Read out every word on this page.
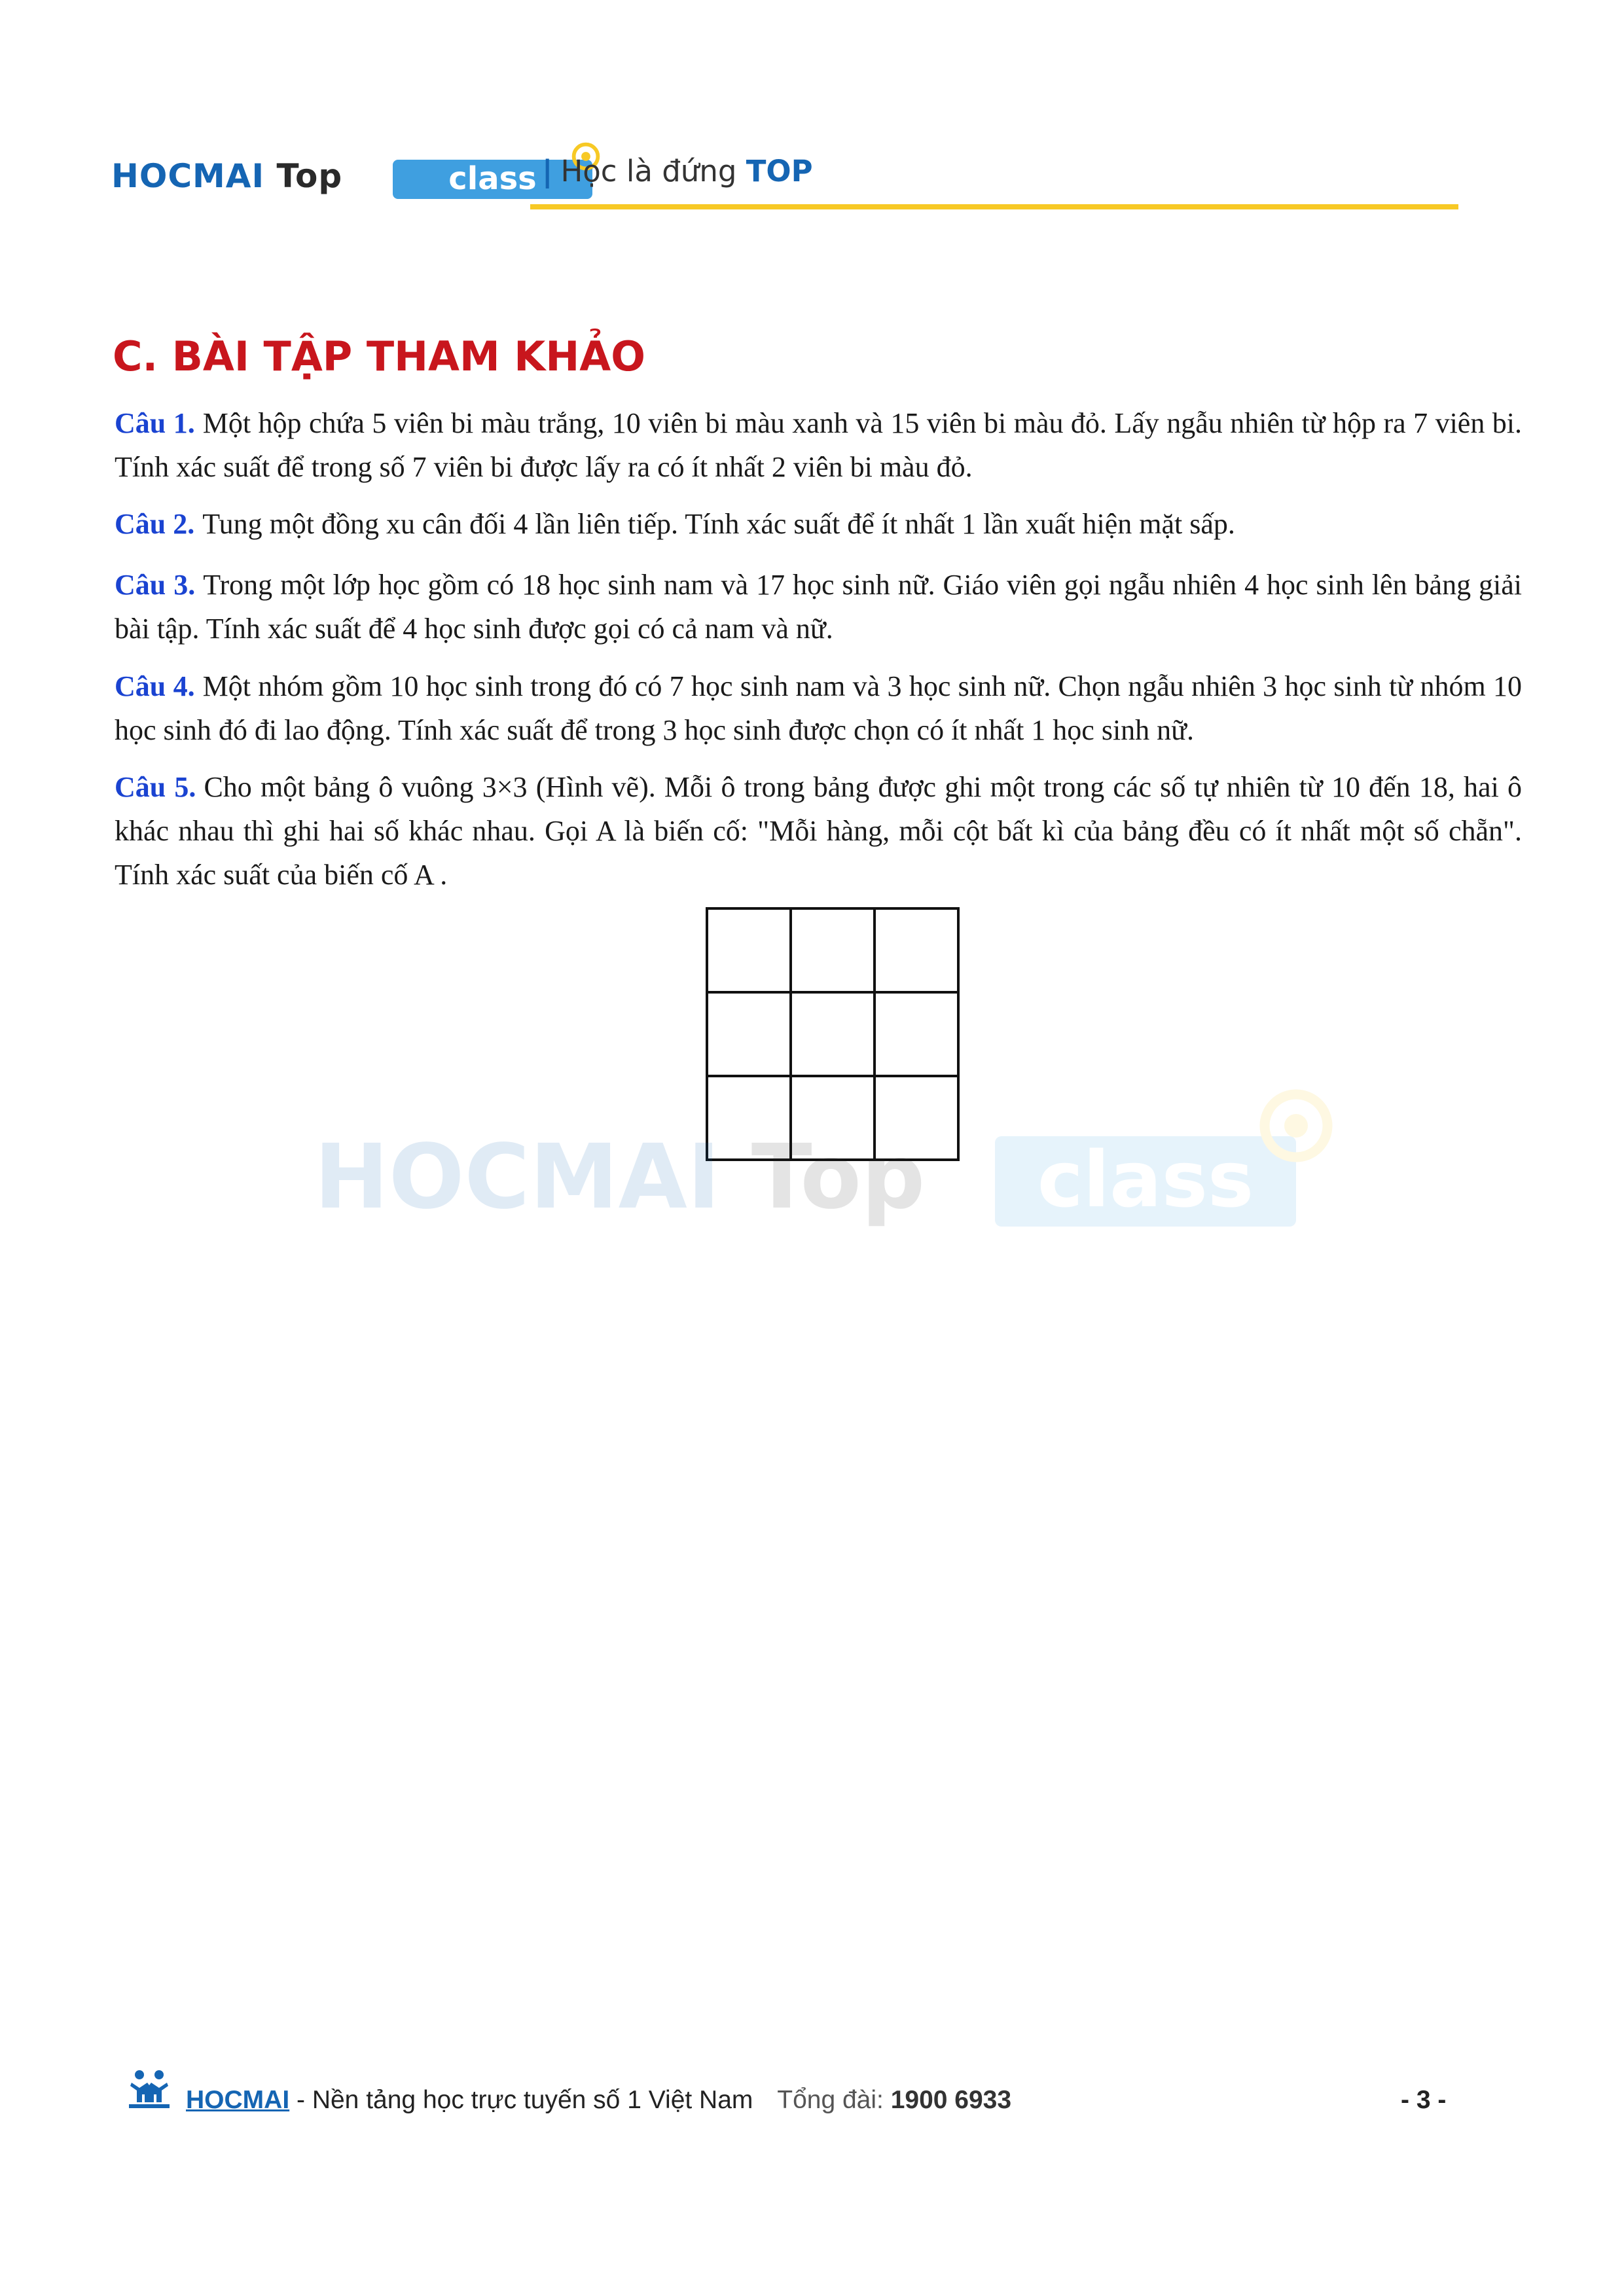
HOCMAI Top	class | Học là đứng TOP
C. BÀI TẬP THAM KHẢO

Câu 1. Một hộp chứa 5 viên bi màu trắng, 10 viên bi màu xanh và 15 viên bi màu đỏ. Lấy ngẫu nhiên từ hộp ra 7 viên bi. Tính xác suất để trong số 7 viên bi được lấy ra có ít nhất 2 viên bi màu đỏ.

Câu 2. Tung một đồng xu cân đối 4 lần liên tiếp. Tính xác suất để ít nhất 1 lần xuất hiện mặt sấp.

Câu 3. Trong một lớp học gồm có 18 học sinh nam và 17 học sinh nữ. Giáo viên gọi ngẫu nhiên 4 học sinh lên bảng giải bài tập. Tính xác suất để 4 học sinh được gọi có cả nam và nữ.

Câu 4. Một nhóm gồm 10 học sinh trong đó có 7 học sinh nam và 3 học sinh nữ. Chọn ngẫu nhiên 3 học sinh từ nhóm 10 học sinh đó đi lao động. Tính xác suất để trong 3 học sinh được chọn có ít nhất 1 học sinh nữ.

Câu 5. Cho một bảng ô vuông 3×3 (Hình vẽ). Mỗi ô trong bảng được ghi một trong các số tự nhiên từ 10 đến 18, hai ô khác nhau thì ghi hai số khác nhau. Gọi A là biến cố: "Mỗi hàng, mỗi cột bất kì của bảng đều có ít nhất một số chẵn". Tính xác suất của biến cố A .

HOCMAI Top	class

HOCMAI - Nền tảng học trực tuyến số 1 Việt Nam Tổng đài: 1900 6933	- 3 -
